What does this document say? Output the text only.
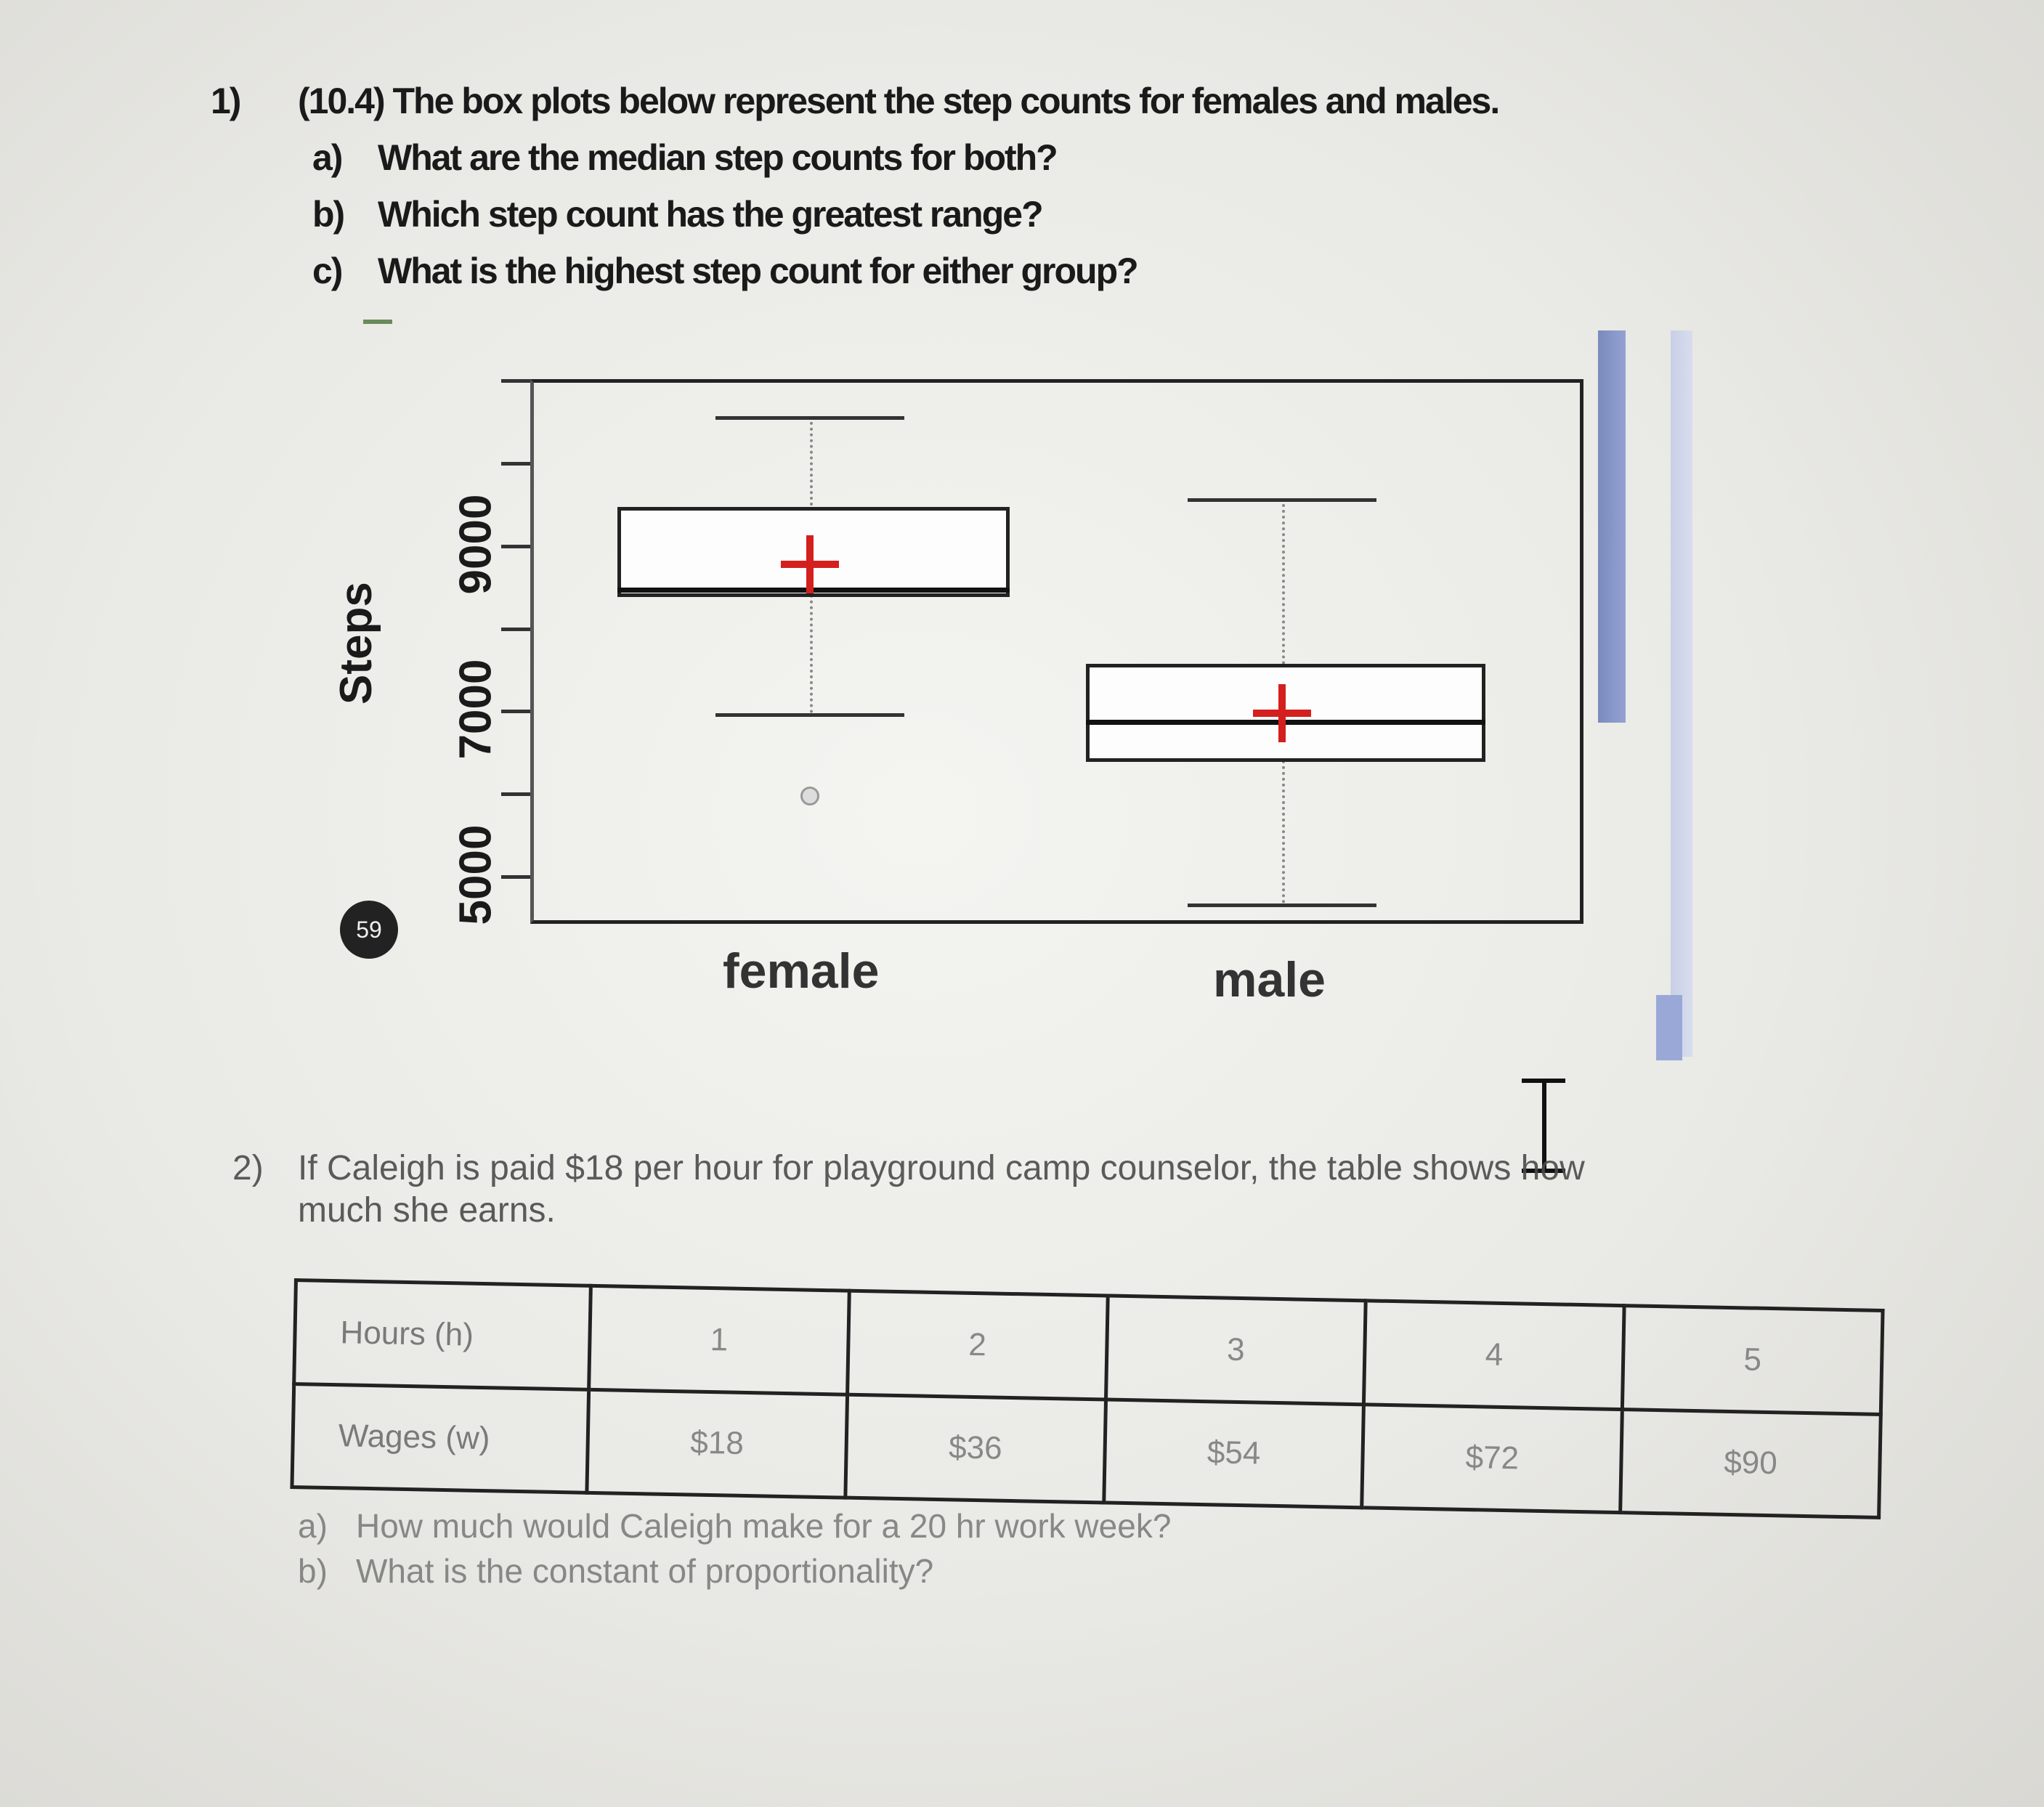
1) (10.4) The box plots below represent the step counts for females and males.
a) What are the median step counts for both?
b) Which step count has the greatest range?
c) What is the highest step count for either group?
Steps
59
5000
7000
9000
female	male
2) If Caleigh is paid $18 per hour for playground camp counselor, the table shows how
much she earns.
Hours (h)	1	2	3	4	5
Wages (w)	$18	$36	$54	$72	$90
a) How much would Caleigh make for a 20 hr work week?
b) What is the constant of proportionality?
